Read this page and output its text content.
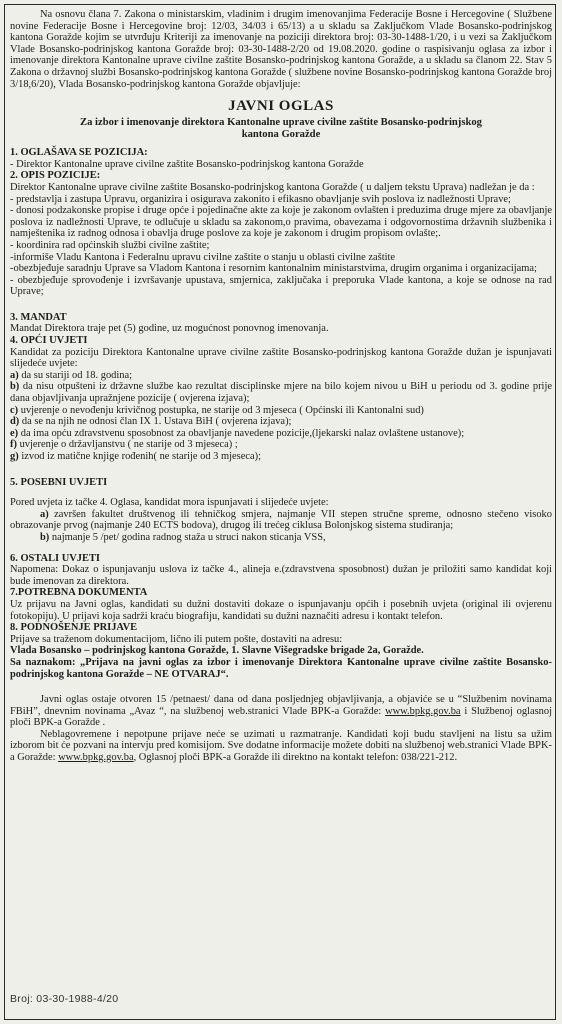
Na osnovu člana 7. Zakona o ministarskim, vladinim i drugim imenovanjima Federacije Bosne i Hercegovine ( Službene novine Federacije Bosne i Hercegovine broj: 12/03, 34/03 i 65/13) a u skladu sa Zaključkom Vlade Bosansko-podrinjskog kantona Goražde kojim se utvrđuju Kriteriji za imenovanje na poziciji direktora broj: 03-30-1488-1/20, i u vezi sa Zaključkom Vlade Bosansko-podrinjskog kantona Goražde broj: 03-30-1488-2/20 od 19.08.2020. godine o raspisivanju oglasa za izbor i imenovanje direktora Kantonalne uprave civilne zaštite Bosansko-podrinjskog kantona Goražde, a u skladu sa članom 22. Stav 5 Zakona o državnoj službi Bosansko-podrinjskog kantona Goražde ( službene novine Bosansko-podrinjskog kantona Goražde broj 3/18,6/20), Vlada Bosansko-podrinjskog kantona Goražde objavljuje:

JAVNI OGLAS
Za izbor i imenovanje direktora Kantonalne uprave civilne zaštite Bosansko-podrinjskog kantona Goražde

1. OGLAŠAVA SE POZICIJA:

- Direktor Kantonalne uprave civilne zaštite Bosansko-podrinjskog kantona Goražde

2. OPIS POZICIJE:

Direktor Kantonalne uprave civilne zaštite Bosansko-podrinjskog kantona Goražde ( u daljem tekstu Uprava) nadležan je da :

- predstavlja i zastupa Upravu, organizira i osigurava zakonito i efikasno obavljanje svih poslova iz nadležnosti Uprave;

- donosi podzakonske propise i druge opće i pojedinačne akte za koje je zakonom ovlašten i preduzima druge mjere za obavljanje poslova iz nadležnosti Uprave, te odlučuje u skladu sa zakonom,o pravima, obavezama i odgovornostima državnih službenika i namještenika iz radnog odnosa i obavlja druge poslove za koje je zakonom i drugim propisom ovlašte;.

- koordinira rad općinskih službi civilne zaštite;

-informiše Vladu Kantona i Federalnu upravu civilne zaštite o stanju u oblasti civilne zaštite

-obezbjeđuje saradnju Uprave sa Vladom Kantona i resornim kantonalnim ministarstvima, drugim organima i organizacijama;

- obezbjeđuje sprovođenje i izvršavanje upustava, smjernica, zaključaka i preporuka Vlade kantona, a koje se odnose na rad Uprave;

3. MANDAT

Mandat Direktora traje pet (5) godine, uz mogućnost ponovnog imenovanja.

4. OPĆI UVJETI

Kandidat za poziciju Direktora Kantonalne uprave civilne zaštite Bosansko-podrinjskog kantona Goražde dužan je ispunjavati slijedeće uvjete:

a) da su stariji od 18. godina;

b) da nisu otpušteni iz državne službe kao rezultat disciplinske mjere na bilo kojem nivou u BiH u periodu od 3. godine prije dana objavljivanja upražnjene pozicije ( ovjerena izjava);

c) uvjerenje o nevođenju krivičnog postupka, ne starije od 3 mjeseca ( Općinski ili Kantonalni sud)

d) da se na njih ne odnosi član IX 1. Ustava BiH ( ovjerena izjava);

e) da ima opću zdravstvenu sposobnost za obavljanje navedene pozicije,(ljekarski nalaz ovlaštene ustanove);

f) uvjerenje o državljanstvu ( ne starije od 3 mjeseca) ;

g) izvod iz matične knjige rođenih( ne starije od 3 mjeseca);

5. POSEBNI UVJETI

Pored uvjeta iz tačke 4. Oglasa, kandidat mora ispunjavati i slijedeće uvjete:

a) završen fakultet društvenog ili tehničkog smjera, najmanje VII stepen stručne spreme, odnosno stečeno visoko obrazovanje prvog (najmanje 240 ECTS bodova), drugog ili trećeg ciklusa Bolonjskog sistema studiranja;

b) najmanje 5 /pet/ godina radnog staža u struci nakon sticanja VSS,

6. OSTALI UVJETI

Napomena: Dokaz o ispunjavanju uslova iz tačke 4., alineja e.(zdravstvena sposobnost) dužan je priložiti samo kandidat koji bude imenovan za direktora.

7.POTREBNA DOKUMENTA

Uz prijavu na Javni oglas, kandidati su dužni dostaviti dokaze o ispunjavanju općih i posebnih uvjeta (original ili ovjerenu fotokopiju). U prijavi koja sadrži kraću biografiju, kandidati su dužni naznačiti adresu i kontakt telefon.

8. PODNOŠENJE PRIJAVE

Prijave sa traženom dokumentacijom, lično ili putem pošte, dostaviti na adresu:

Vlada Bosansko – podrinjskog kantona Goražde, 1. Slavne Višegradske brigade 2a, Goražde.

Sa naznakom: „Prijava na javni oglas za izbor i imenovanje Direktora Kantonalne uprave civilne zaštite Bosansko-podrinjskog kantona Goražde – NE OTVARAJ“.

Javni oglas ostaje otvoren 15 /petnaest/ dana od dana posljednjeg objavljivanja, a objaviće se u “Službenim novinama FBiH”, dnevnim novinama „Avaz “, na službenoj web.stranici Vlade BPK-a Goražde: www.bpkg.gov.ba i Službenoj oglasnoj ploči BPK-a Goražde .

Neblagovremene i nepotpune prijave neće se uzimati u razmatranje. Kandidati koji budu stavljeni na listu sa užim izborom bit će pozvani na intervju pred komisijom. Sve dodatne informacije možete dobiti na službenoj web.stranici Vlade BPK-a Goražde: www.bpkg.gov.ba, Oglasnoj ploči BPK-a Goražde ili direktno na kontakt telefon: 038/221-212.

Broj: 03-30-1988-4/20
